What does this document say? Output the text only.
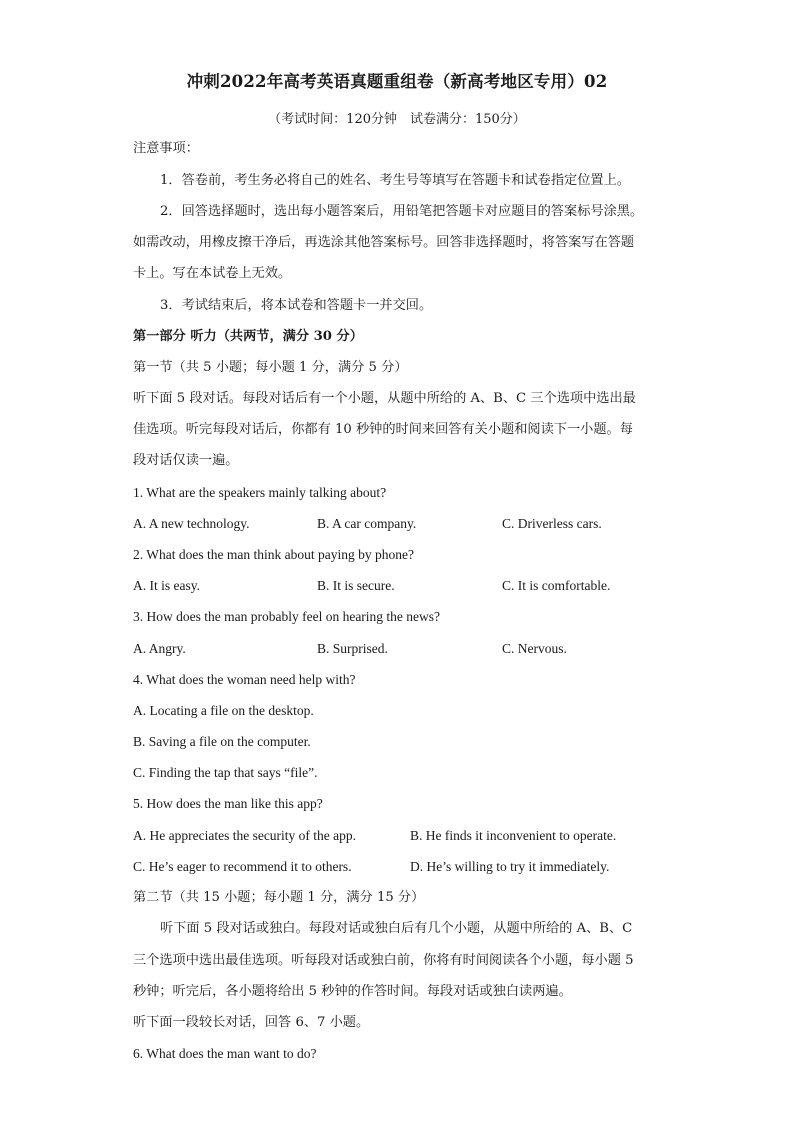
冲刺2022年高考英语真题重组卷（新高考地区专用）02
（考试时间：120分钟　试卷满分：150分）
注意事项：
1．答卷前，考生务必将自己的姓名、考生号等填写在答题卡和试卷指定位置上。
2．回答选择题时，选出每小题答案后，用铅笔把答题卡对应题目的答案标号涂黑。
如需改动，用橡皮擦干净后，再选涂其他答案标号。回答非选择题时，将答案写在答题
卡上。写在本试卷上无效。
3．考试结束后，将本试卷和答题卡一并交回。
第一部分 听力（共两节，满分 30 分）
第一节（共 5 小题；每小题 1 分，满分 5 分）
听下面 5 段对话。每段对话后有一个小题，从题中所给的 A、B、C 三个选项中选出最
佳选项。听完每段对话后，你都有 10 秒钟的时间来回答有关小题和阅读下一小题。每
段对话仅读一遍。
1. What are the speakers mainly talking about?
A. A new technology.	B. A car company.	C. Driverless cars.
2. What does the man think about paying by phone?
A. It is easy.	B. It is secure.	C. It is comfortable.
3. How does the man probably feel on hearing the news?
A. Angry.	B. Surprised.	C. Nervous.
4. What does the woman need help with?
A. Locating a file on the desktop.
B. Saving a file on the computer.
C. Finding the tap that says “file”.
5. How does the man like this app?
A. He appreciates the security of the app.	B. He finds it inconvenient to operate.
C. He’s eager to recommend it to others.	D. He’s willing to try it immediately.
第二节（共 15 小题；每小题 1 分，满分 15 分）
听下面 5 段对话或独白。每段对话或独白后有几个小题，从题中所给的 A、B、C
三个选项中选出最佳选项。听每段对话或独白前，你将有时间阅读各个小题，每小题 5
秒钟；听完后，各小题将给出 5 秒钟的作答时间。每段对话或独白读两遍。
听下面一段较长对话，回答 6、7 小题。
6. What does the man want to do?
